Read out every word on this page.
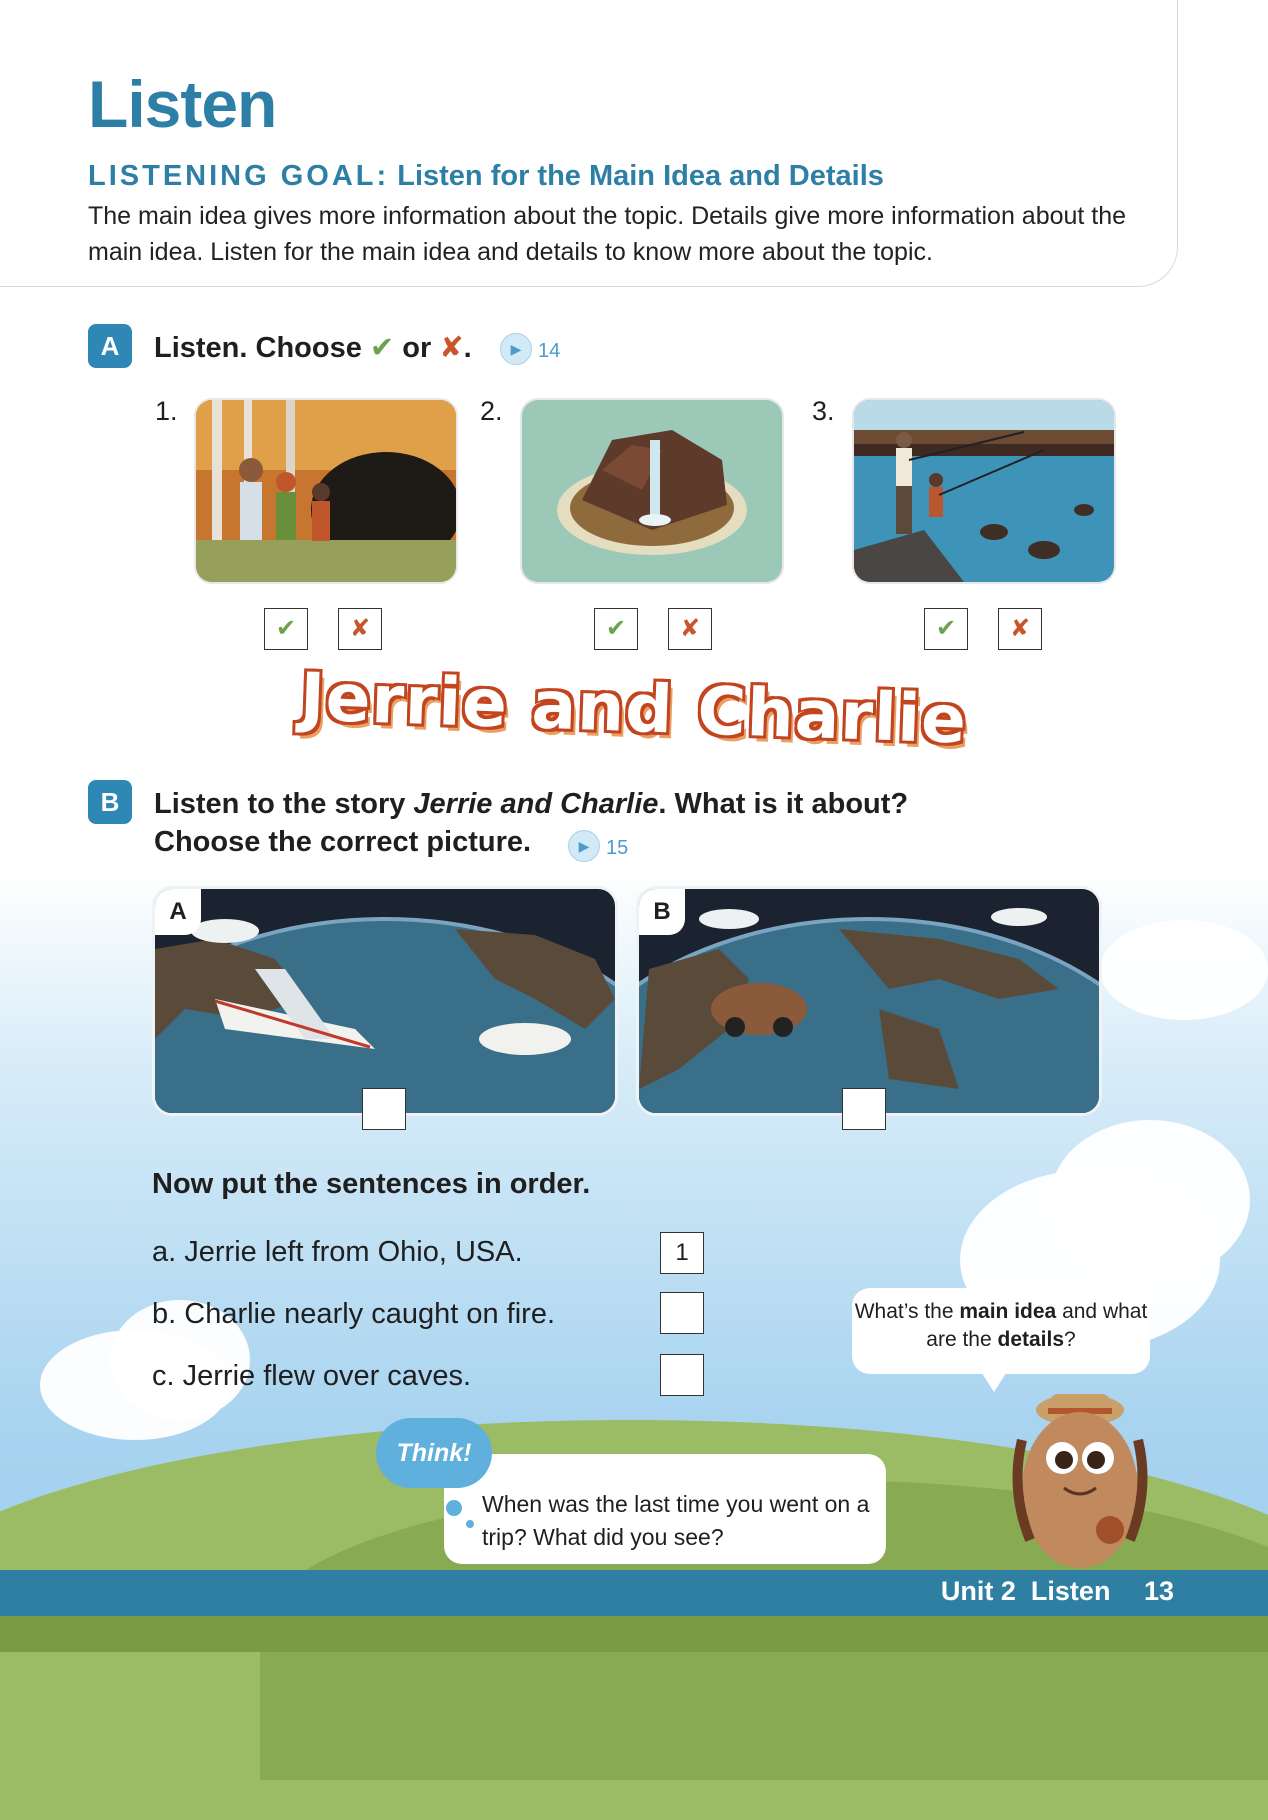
Listen
LISTENING GOAL: Listen for the Main Idea and Details
The main idea gives more information about the topic. Details give more information about the main idea. Listen for the main idea and details to know more about the topic.
A	Listen. Choose ✔ or ✘.	▶ 14
1.
✔	✘
2.
✔	✘
3.
✔	✘
Jerrie and Charlie
B	Listen to the story Jerrie and Charlie. What is it about?
Choose the correct picture.	▶ 15
A	B
Now put the sentences in order.
a. Jerrie left from Ohio, USA.	1
b. Charlie nearly caught on fire.
c. Jerrie flew over caves.
What’s the main idea and what are the details?
Think!
When was the last time you went on a trip? What did you see?
Unit 2 Listen 13
